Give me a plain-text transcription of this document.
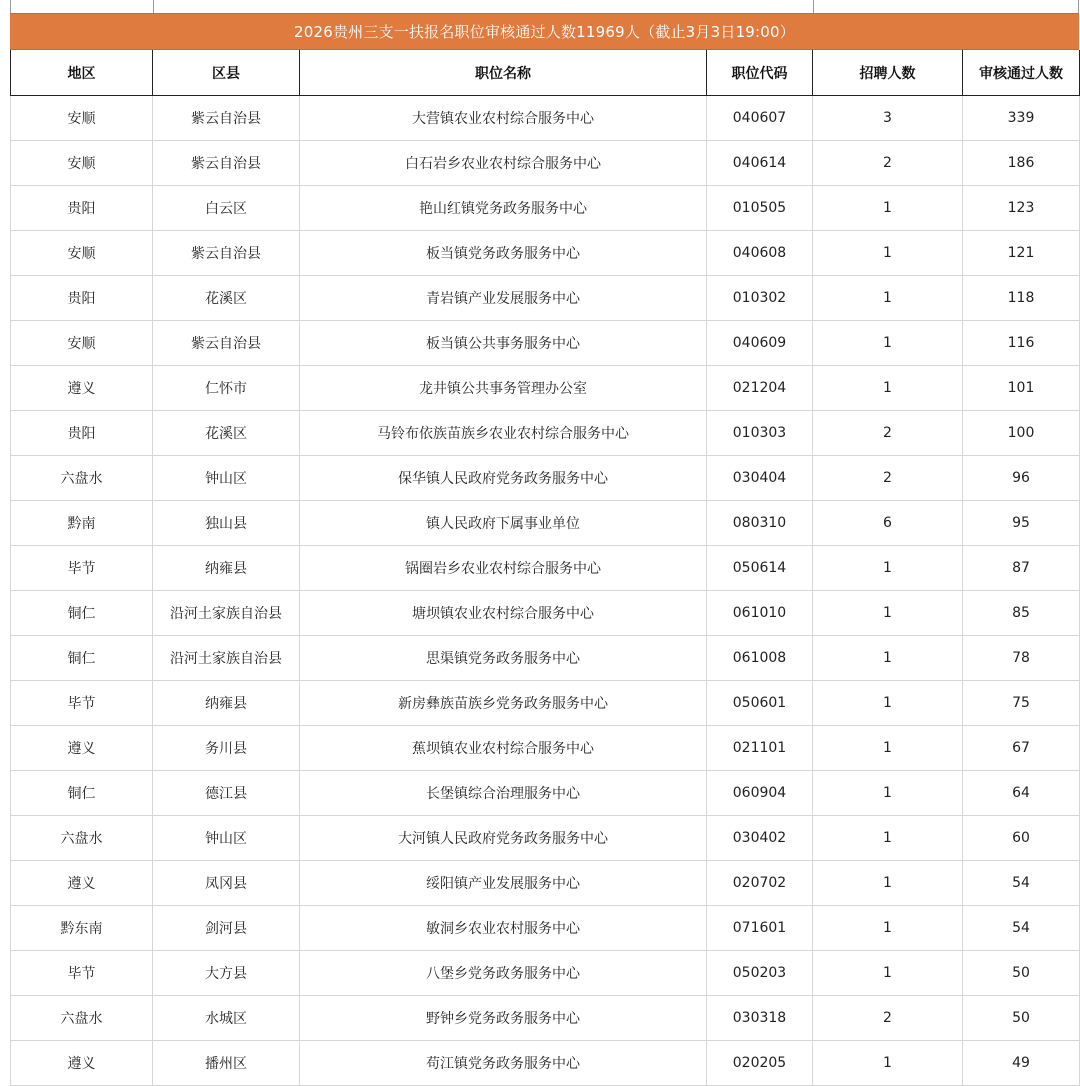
2026贵州三支一扶报名职位审核通过人数11969人（截止3月3日19:00）
地区	区县	职位名称	职位代码	招聘人数	审核通过人数
安顺	紫云自治县	大营镇农业农村综合服务中心	040607	3	339
安顺	紫云自治县	白石岩乡农业农村综合服务中心	040614	2	186
贵阳	白云区	艳山红镇党务政务服务中心	010505	1	123
安顺	紫云自治县	板当镇党务政务服务中心	040608	1	121
贵阳	花溪区	青岩镇产业发展服务中心	010302	1	118
安顺	紫云自治县	板当镇公共事务服务中心	040609	1	116
遵义	仁怀市	龙井镇公共事务管理办公室	021204	1	101
贵阳	花溪区	马铃布依族苗族乡农业农村综合服务中心	010303	2	100
六盘水	钟山区	保华镇人民政府党务政务服务中心	030404	2	96
黔南	独山县	镇人民政府下属事业单位	080310	6	95
毕节	纳雍县	锅圈岩乡农业农村综合服务中心	050614	1	87
铜仁	沿河土家族自治县	塘坝镇农业农村综合服务中心	061010	1	85
铜仁	沿河土家族自治县	思渠镇党务政务服务中心	061008	1	78
毕节	纳雍县	新房彝族苗族乡党务政务服务中心	050601	1	75
遵义	务川县	蕉坝镇农业农村综合服务中心	021101	1	67
铜仁	德江县	长堡镇综合治理服务中心	060904	1	64
六盘水	钟山区	大河镇人民政府党务政务服务中心	030402	1	60
遵义	凤冈县	绥阳镇产业发展服务中心	020702	1	54
黔东南	剑河县	敏洞乡农业农村服务中心	071601	1	54
毕节	大方县	八堡乡党务政务服务中心	050203	1	50
六盘水	水城区	野钟乡党务政务服务中心	030318	2	50
遵义	播州区	苟江镇党务政务服务中心	020205	1	49
